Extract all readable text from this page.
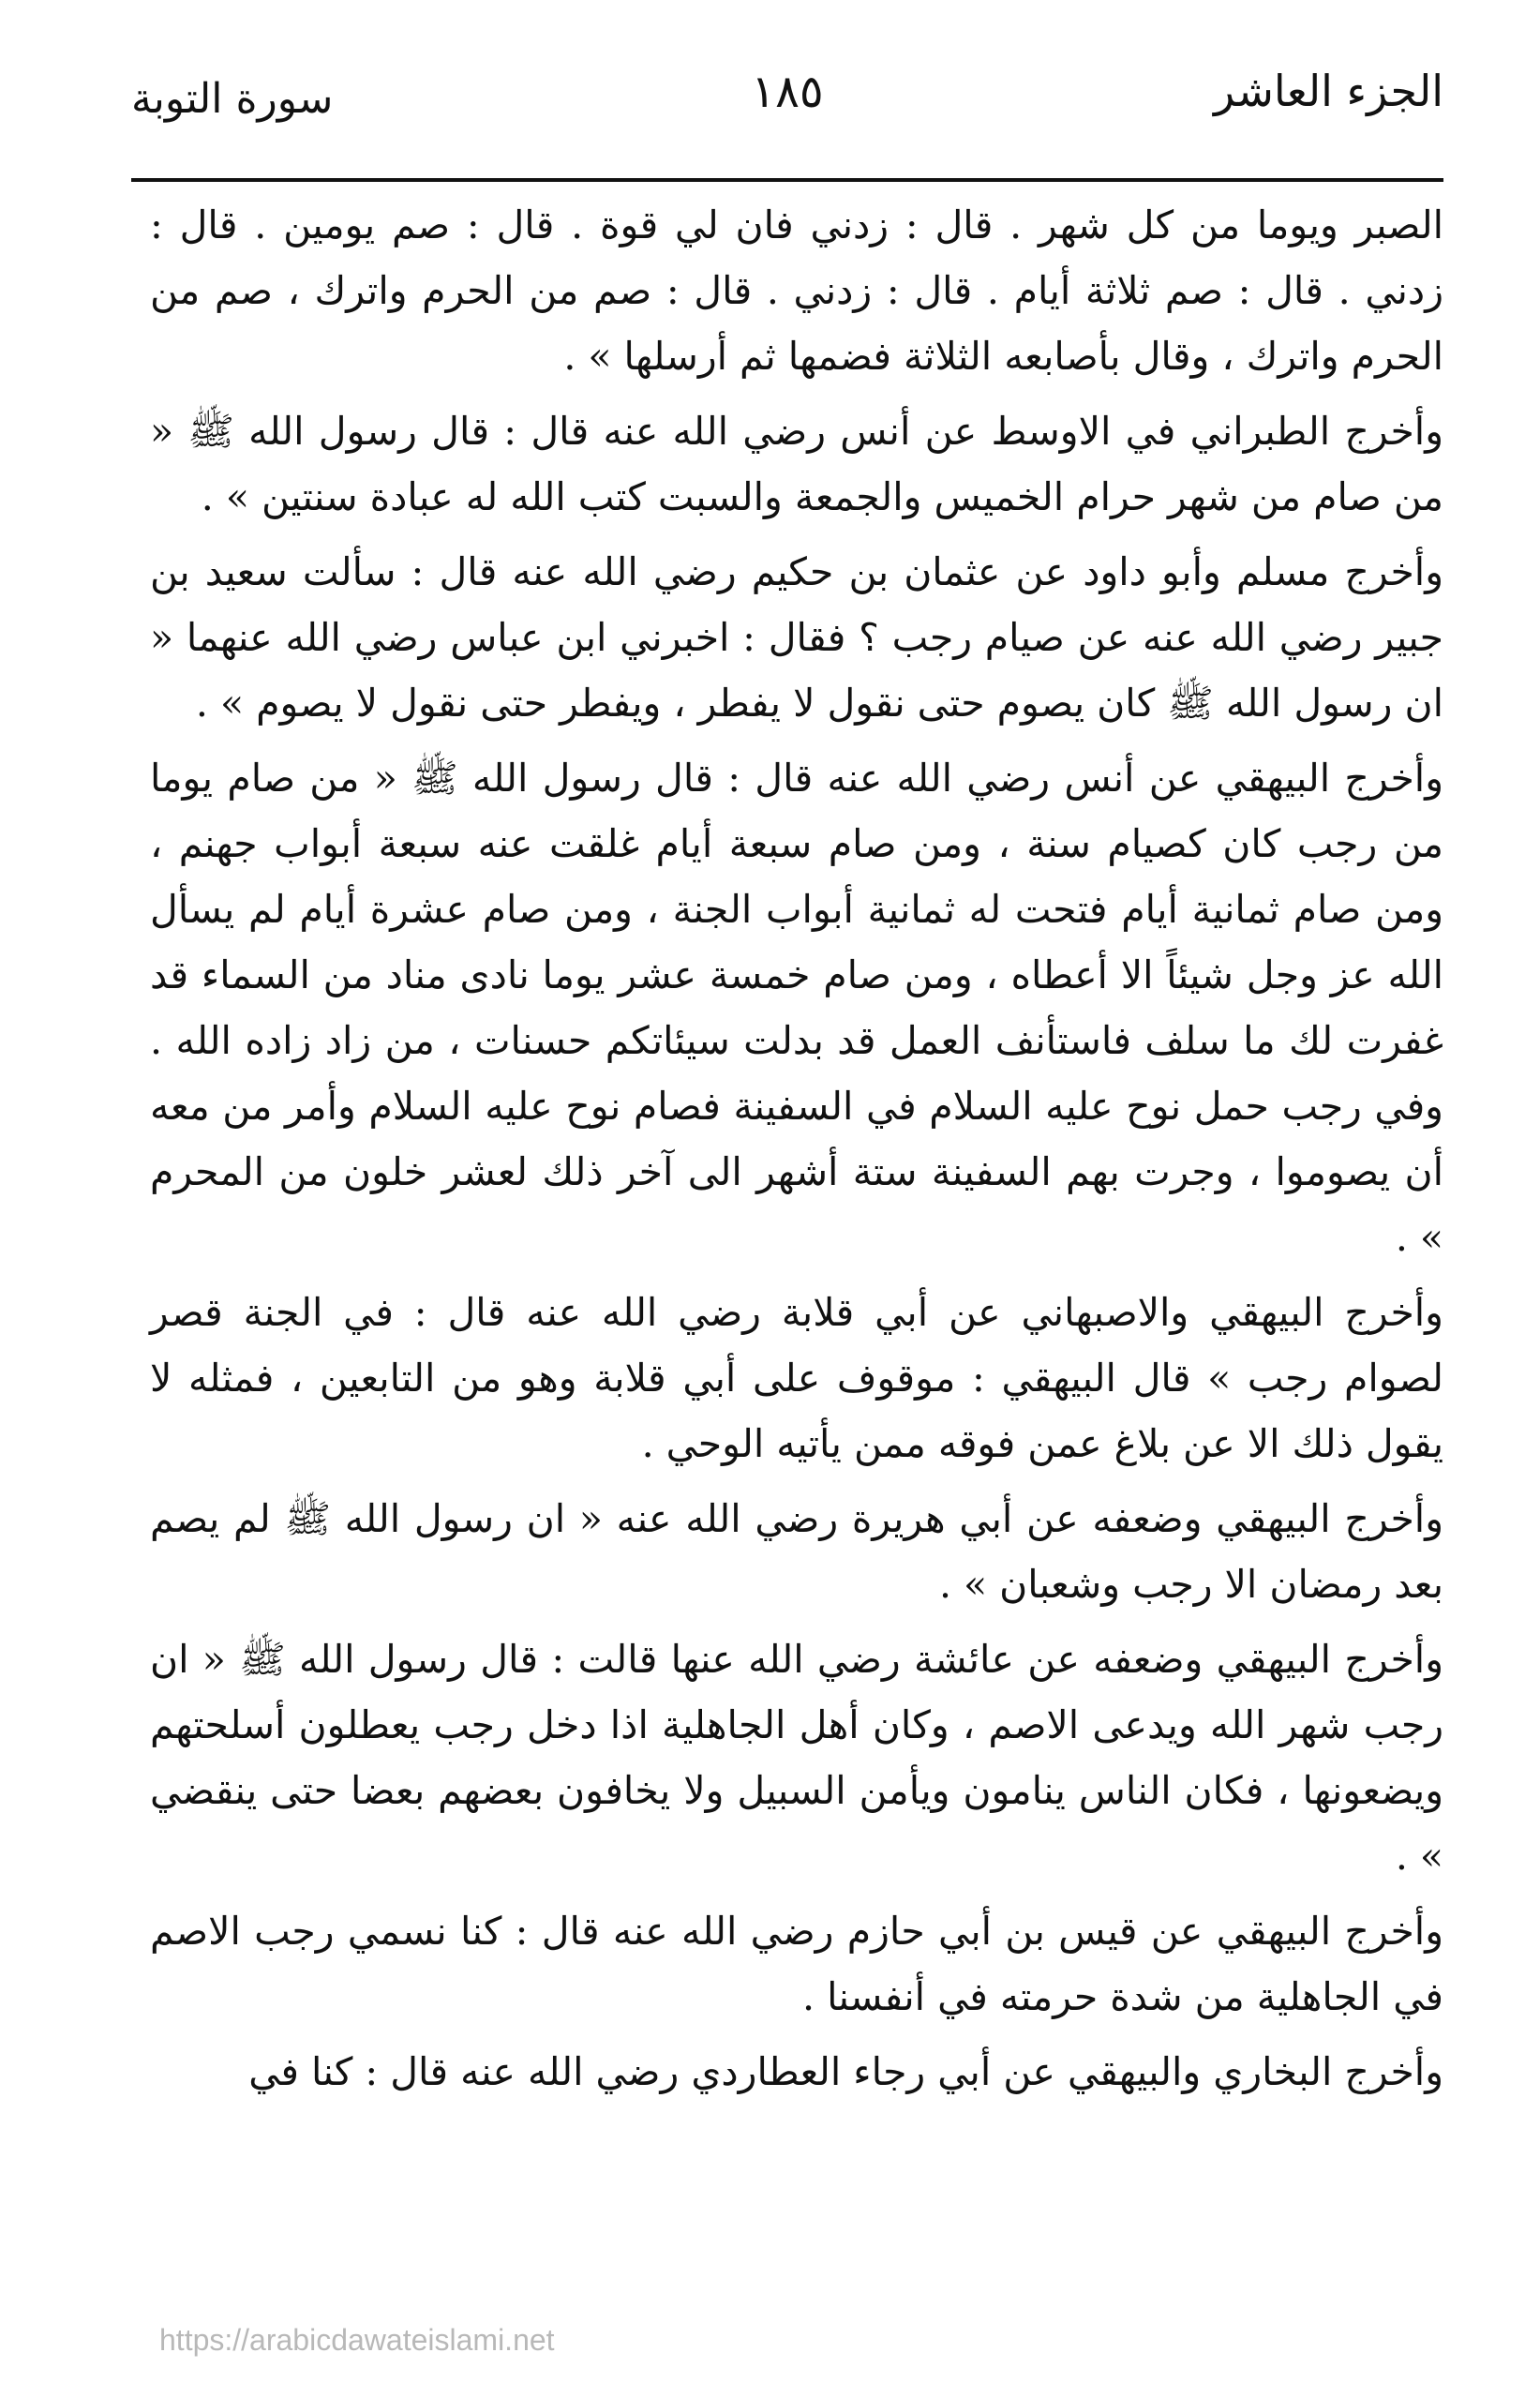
الجزء العاشر
١٨٥
سورة التوبة

الصبر ويوما من كل شهر . قال : زدني فان لي قوة . قال : صم يومين . قال : زدني . قال : صم ثلاثة أيام . قال : زدني . قال : صم من الحرم واترك ، صم من الحرم واترك ، وقال بأصابعه الثلاثة فضمها ثم أرسلها » .

وأخرج الطبراني في الاوسط عن أنس رضي الله عنه قال : قال رسول الله ﷺ « من صام من شهر حرام الخميس والجمعة والسبت كتب الله له عبادة سنتين » .

وأخرج مسلم وأبو داود عن عثمان بن حكيم رضي الله عنه قال : سألت سعيد بن جبير رضي الله عنه عن صيام رجب ؟ فقال : اخبرني ابن عباس رضي الله عنهما « ان رسول الله ﷺ كان يصوم حتى نقول لا يفطر ، ويفطر حتى نقول لا يصوم » .

وأخرج البيهقي عن أنس رضي الله عنه قال : قال رسول الله ﷺ « من صام يوما من رجب كان كصيام سنة ، ومن صام سبعة أيام غلقت عنه سبعة أبواب جهنم ، ومن صام ثمانية أيام فتحت له ثمانية أبواب الجنة ، ومن صام عشرة أيام لم يسأل الله عز وجل شيئاً الا أعطاه ، ومن صام خمسة عشر يوما نادى مناد من السماء قد غفرت لك ما سلف فاستأنف العمل قد بدلت سيئاتكم حسنات ، من زاد زاده الله . وفي رجب حمل نوح عليه السلام في السفينة فصام نوح عليه السلام وأمر من معه أن يصوموا ، وجرت بهم السفينة ستة أشهر الى آخر ذلك لعشر خلون من المحرم » .

وأخرج البيهقي والاصبهاني عن أبي قلابة رضي الله عنه قال : في الجنة قصر لصوام رجب » قال البيهقي : موقوف على أبي قلابة وهو من التابعين ، فمثله لا يقول ذلك الا عن بلاغ عمن فوقه ممن يأتيه الوحي .

وأخرج البيهقي وضعفه عن أبي هريرة رضي الله عنه « ان رسول الله ﷺ لم يصم بعد رمضان الا رجب وشعبان » .

وأخرج البيهقي وضعفه عن عائشة رضي الله عنها قالت : قال رسول الله ﷺ « ان رجب شهر الله ويدعى الاصم ، وكان أهل الجاهلية اذا دخل رجب يعطلون أسلحتهم ويضعونها ، فكان الناس ينامون ويأمن السبيل ولا يخافون بعضهم بعضا حتى ينقضي » .

وأخرج البيهقي عن قيس بن أبي حازم رضي الله عنه قال : كنا نسمي رجب الاصم في الجاهلية من شدة حرمته في أنفسنا .

وأخرج البخاري والبيهقي عن أبي رجاء العطاردي رضي الله عنه قال : كنا في

https://arabicdawateislami.net
